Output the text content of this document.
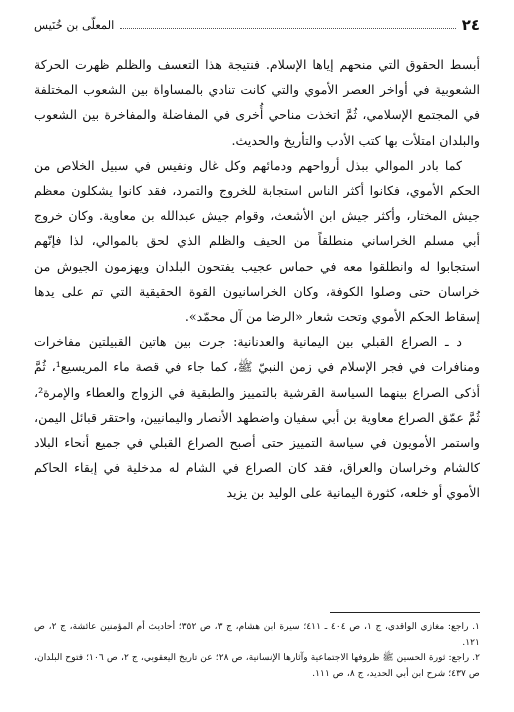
٢٤
المعلّى بن خُنَيس

أبسط الحقوق التي منحهم إياها الإسلام. فنتيجة هذا التعسف والظلم ظهرت الحركة الشعوبية في أواخر العصر الأموي والتي كانت تنادي بالمساواة بين الشعوب المختلفة في المجتمع الإسلامي، ثُمَّ اتخذت مناحي أُخرى في المفاضلة والمفاخرة بين الشعوب والبلدان امتلأت بها كتب الأدب والتأريخ والحديث.

كما بادر الموالي ببذل أرواحهم ودمائهم وكل غال ونفيس في سبيل الخلاص من الحكم الأموي، فكانوا أكثر الناس استجابة للخروج والتمرد، فقد كانوا يشكلون معظم جيش المختار، وأكثر جيش ابن الأشعث، وقوام جيش عبدالله بن معاوية. وكان خروج أبي مسلم الخراساني منطلقاً من الحيف والظلم الذي لحق بالموالي، لذا فإنّهم استجابوا له وانطلقوا معه في حماس عجيب يفتحون البلدان ويهزمون الجيوش من خراسان حتى وصلوا الكوفة، وكان الخراسانيون القوة الحقيقية التي تم على يدها إسقاط الحكم الأموي وتحت شعار «الرضا من آل محمّد».

د ـ الصراع القبلي بين اليمانية والعدنانية: جرت بين هاتين القبيلتين مفاخرات ومنافرات في فجر الإسلام في زمن النبيّ ﷺ، كما جاء في قصة ماء المريسيع¹، ثُمَّ أذكى الصراع بينهما السياسة القرشية بالتمييز والطبقية في الزواج والعطاء والإمرة²، ثُمَّ عمّق الصراع معاوية بن أبي سفيان واضطهد الأنصار واليمانيين، واحتقر قبائل اليمن، واستمر الأمويون في سياسة التمييز حتى أصبح الصراع القبلي في جميع أنحاء البلاد كالشام وخراسان والعراق، فقد كان الصراع في الشام له مدخلية في إبقاء الحاكم الأموي أو خلعه، كثورة اليمانية على الوليد بن يزيد

١. راجع: مغازي الواقدي، ج ١، ص ٤٠٤ ـ ٤١١؛ سيرة ابن هشام، ج ٣، ص ٣٥٢؛ أحاديث أم المؤمنين عائشة، ج ٢، ص ١٢١.

٢. راجع: ثورة الحسين ﷺ ظروفها الاجتماعية وآثارها الإنسانية، ص ٢٨؛ عن تاريخ اليعقوبي، ج ٢، ص ١٠٦؛ فتوح البلدان، ص ٤٣٧؛ شرح ابن أبي الحديد، ج ٨، ص ١١١.
